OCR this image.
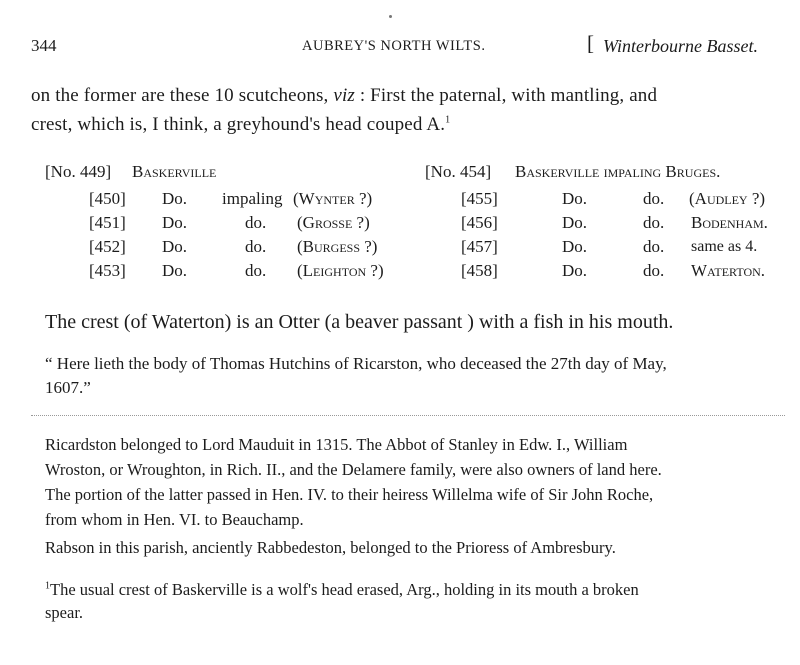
344	AUBREY'S NORTH WILTS.	[ Winterbourne Basset.
on the former are these 10 scutcheons, viz : First the paternal, with mantling, and
crest, which is, I think, a greyhound's head couped A.$^1$
[No. 449] Baskerville
[450] Do. impaling (Wynter ?)
[451] Do.	do. (Grosse ?)
[452] Do.	do. (Burgess ?)
[453] Do.	do. (Leighton ?)
[No. 454] Baskerville impaling Bruges.
[455]	Do.	do. (Audley ?)
[456]	Do.	do. Bodenham.
[457]	Do.	do. same as 4.
[458]	Do.	do. Waterton.
The crest (of Waterton) is an Otter (a beaver passant ) with a fish in his mouth.
“ Here lieth the body of Thomas Hutchins of Ricarston, who deceased the 27th day of May,
1607.”
Ricardston belonged to Lord Mauduit in 1315. The Abbot of Stanley in Edw. I., William
Wroston, or Wroughton, in Rich. II., and the Delamere family, were also owners of land here.
The portion of the latter passed in Hen. IV. to their heiress Willelma wife of Sir John Roche,
from whom in Hen. VI. to Beauchamp.
Rabson in this parish, anciently Rabbedeston, belonged to the Prioress of Ambresbury.
$^1$The usual crest of Baskerville is a wolf's head erased, Arg., holding in its mouth a broken
spear.
